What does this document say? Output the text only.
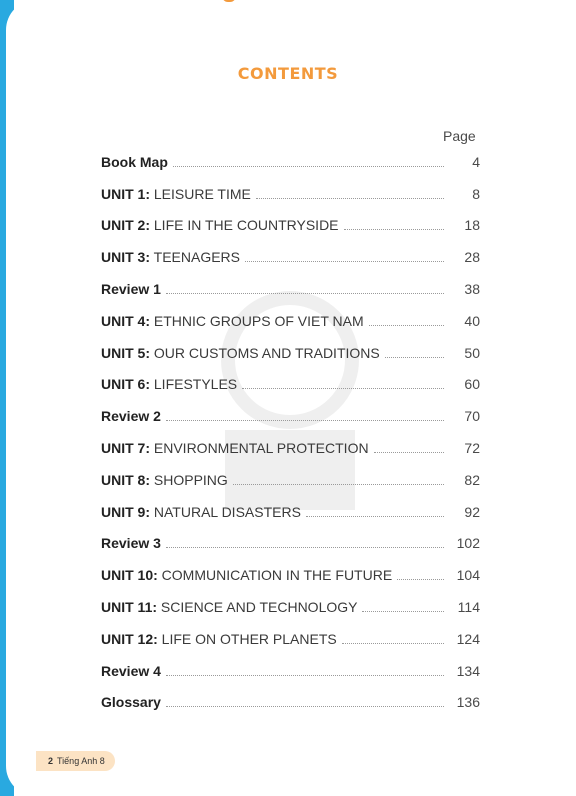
CONTENTS
Page
Book Map	4
UNIT 1: LEISURE TIME	8
UNIT 2: LIFE IN THE COUNTRYSIDE	18
UNIT 3: TEENAGERS	28
Review 1	38
UNIT 4: ETHNIC GROUPS OF VIET NAM	40
UNIT 5: OUR CUSTOMS AND TRADITIONS	50
UNIT 6: LIFESTYLES	60
Review 2	70
UNIT 7: ENVIRONMENTAL PROTECTION	72
UNIT 8: SHOPPING	82
UNIT 9: NATURAL DISASTERS	92
Review 3	102
UNIT 10: COMMUNICATION IN THE FUTURE	104
UNIT 11: SCIENCE AND TECHNOLOGY	114
UNIT 12: LIFE ON OTHER PLANETS	124
Review 4	134
Glossary	136
2 Tiếng Anh 8
